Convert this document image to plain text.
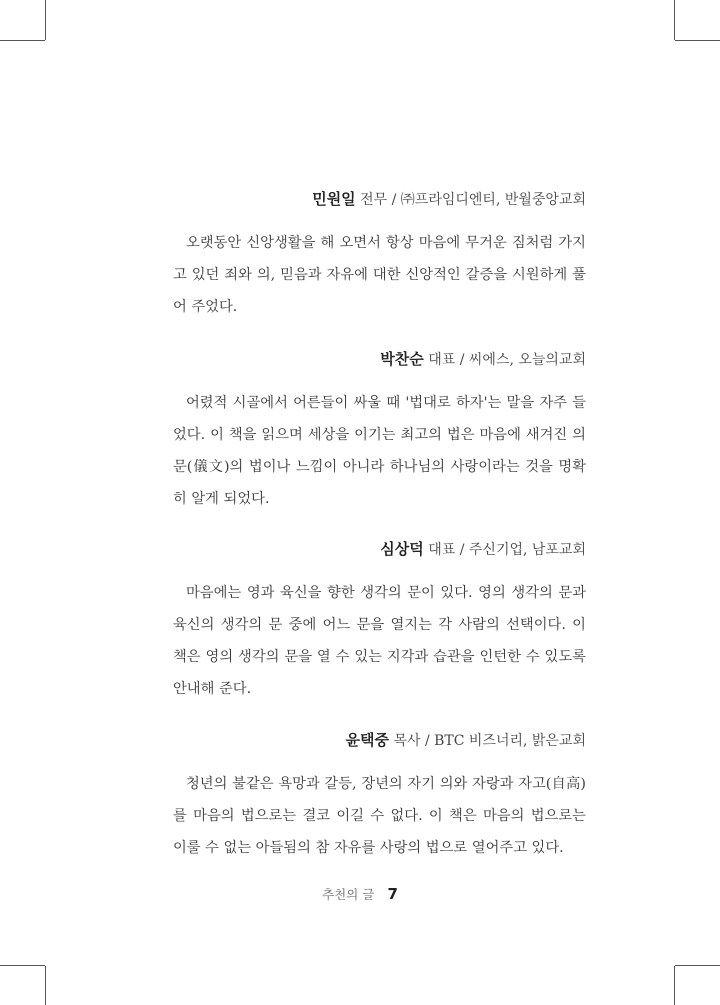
민원일 전무 / ㈜프라임디엔티, 반월중앙교회

오랫동안 신앙생활을 해 오면서 항상 마음에 무거운 짐처럼 가지고 있던 죄와 의, 믿음과 자유에 대한 신앙적인 갈증을 시원하게 풀어 주었다.

박찬순 대표 / 씨에스, 오늘의교회

어렸적 시골에서 어른들이 싸울 때 '법대로 하자'는 말을 자주 들었다. 이 책을 읽으며 세상을 이기는 최고의 법은 마음에 새겨진 의문(儀文)의 법이나 느낌이 아니라 하나님의 사랑이라는 것을 명확히 알게 되었다.

심상덕 대표 / 주신기업, 남포교회

마음에는 영과 육신을 향한 생각의 문이 있다. 영의 생각의 문과 육신의 생각의 문 중에 어느 문을 열지는 각 사람의 선택이다. 이 책은 영의 생각의 문을 열 수 있는 지각과 습관을 인턴한 수 있도록 안내해 준다.

윤택중 목사 / BTC 비즈너리, 밝은교회

청년의 불같은 욕망과 갈등, 장년의 자기 의와 자랑과 자고(自高)를 마음의 법으로는 결코 이길 수 없다. 이 책은 마음의 법으로는 이룰 수 없는 아들됨의 참 자유를 사랑의 법으로 열어주고 있다.

추천의 글 7
